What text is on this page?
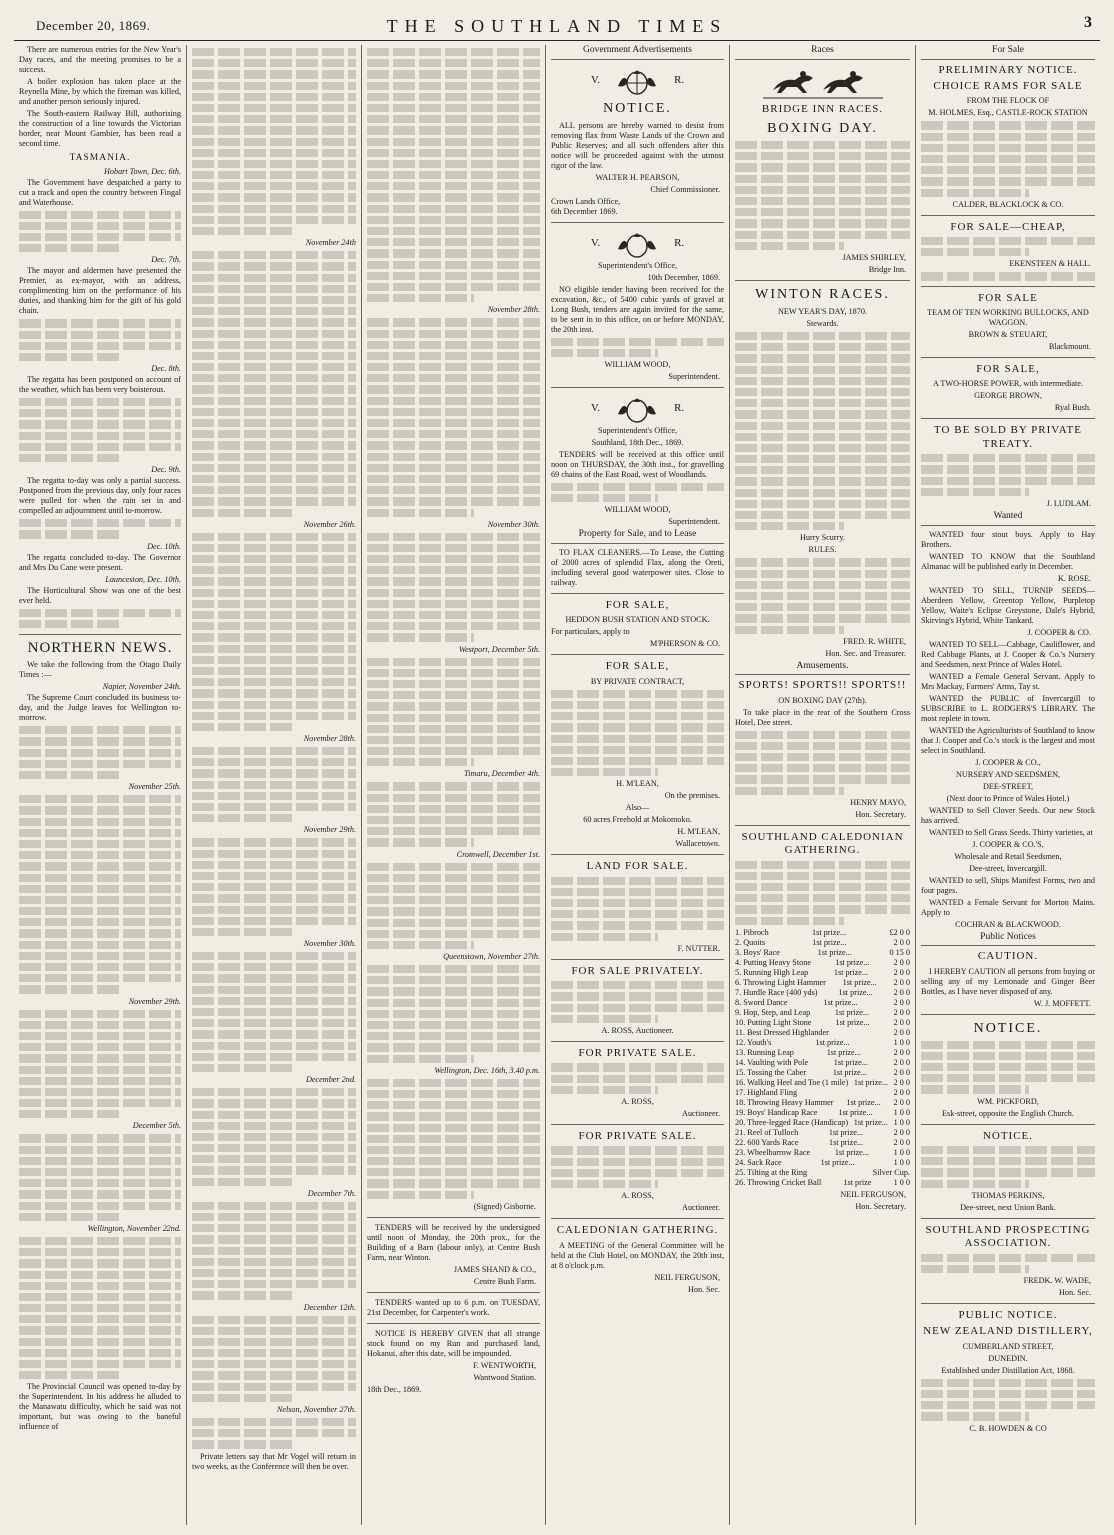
December 20, 1869.	THE SOUTHLAND TIMES	3

There are numerous entries for the New Year's Day races, and the meeting promises to be a success.

A boiler explosion has taken place at the Reynella Mine, by which the fireman was killed, and another person seriously injured.

The South-eastern Railway Bill, authorising the construction of a line towards the Victorian border, near Mount Gambier, has been read a second time.

TASMANIA.
Hobart Town, Dec. 6th.

The Government have despatched a party to cut a track and open the country between Fingal and Waterhouse.

Dec. 7th.

The mayor and aldermen have presented the Premier, as ex-mayor, with an address, complimenting him on the performance of his duties, and thanking him for the gift of his gold chain.

Dec. 8th.

The regatta has been postponed on account of the weather, which has been very boisterous.

Dec. 9th.

The regatta to-day was only a partial success. Postponed from the previous day, only four races were pulled for when the rain set in and compelled an adjournment until to-morrow.

Dec. 10th.

The regatta concluded to-day. The Governor and Mrs Du Cane were present.

Launceston, Dec. 10th.

The Horticultural Show was one of the best ever held.

NORTHERN NEWS.

We take the following from the Otago Daily Times :—

Napier, November 24th.

The Supreme Court concluded its business to-day, and the Judge leaves for Wellington to-morrow.

November 25th.
November 29th.
December 5th.
Wellington, November 22nd.

The Provincial Council was opened to-day by the Superintendent. In his address he alluded to the Manawatu difficulty, which he said was not important, but was owing to the baneful influence of

November 24th
November 26th.
November 28th.
November 29th.
November 30th.
December 2nd.
December 7th.
December 12th.
Nelson, November 27th.

Private letters say that Mr Vogel will return in two weeks, as the Conference will then be over.

November 28th.
November 30th.
Westport, December 5th.
Timaru, December 4th.
Cromwell, December 1st.
Queenstown, November 27th.
Wellington, Dec. 16th, 3.40 p.m.
(Signed) Gisborne.

TENDERS will be received by the undersigned until noon of Monday, the 20th prox., for the Building of a Barn (labour only), at Centre Bush Farm, near Winton.

JAMES SHAND & CO.,
Centre Bush Farm.

TENDERS wanted up to 6 p.m. on TUESDAY, 21st December, for Carpenter's work.

NOTICE IS HEREBY GIVEN that all strange stock found on my Run and purchased land, Hokanui, after this date, will be impounded.

F. WENTWORTH,
Wantwood Station.
18th Dec., 1869.
Government Advertisements
V.	R.
NOTICE.

ALL persons are hereby warned to desist from removing flax from Waste Lands of the Crown and Public Reserves; and all such offenders after this notice will be proceeded against with the utmost rigor of the law.

WALTER H. PEARSON,
Chief Commissioner.
Crown Lands Office,
6th December 1869.
V.	R.
Superintendent's Office,
10th December, 1869.

NO eligible tender having been received for the excavation, &c., of 5400 cubic yards of gravel at Long Bush, tenders are again invited for the same, to be sent in to this office, on or before MONDAY, the 20th inst.

WILLIAM WOOD,
Superintendent.
V.	R.
Superintendent's Office,
Southland, 18th Dec., 1869.

TENDERS will be received at this office until noon on THURSDAY, the 30th inst., for gravelling 69 chains of the East Road, west of Woodlands.

WILLIAM WOOD,
Superintendent.
Property for Sale, and to Lease

TO FLAX CLEANERS.—To Lease, the Cutting of 2000 acres of splendid Flax, along the Oreti, including several good waterpower sites. Close to railway.

FOR SALE,
HEDDON BUSH STATION AND STOCK.
For particulars, apply to
M'PHERSON & CO.
FOR SALE,
BY PRIVATE CONTRACT,
H. M'LEAN,
On the premises.
Also—
60 acres Freehold at Mokomoko.
H. M'LEAN,
Wallacetown.
LAND FOR SALE.
F. NUTTER.
FOR SALE PRIVATELY.
A. ROSS, Auctioneer.
FOR PRIVATE SALE.
A. ROSS,
Auctioneer.
FOR PRIVATE SALE.
A. ROSS,
Auctioneer.
CALEDONIAN GATHERING.

A MEETING of the General Committee will be held at the Club Hotel, on MONDAY, the 20th inst, at 8 o'clock p.m.

NEIL FERGUSON,
Hon. Sec.
Races
BRIDGE INN RACES.
BOXING DAY.
JAMES SHIRLEY,
Bridge Inn.
WINTON RACES.
NEW YEAR'S DAY, 1870.
Stewards.
Hurry Scurry.
RULES.
FRED. R. WHITE,
Hon. Sec. and Treasurer.
Amusements.
SPORTS! SPORTS!! SPORTS!!
ON BOXING DAY (27th).

To take place in the rear of the Southern Cross Hotel, Dee street.

HENRY MAYO,
Hon. Secretary.
SOUTHLAND CALEDONIAN GATHERING.
1. Pibroch	1st prize...	£2 0 0
2. Quoits	1st prize...	2 0 0
3. Boys' Race	1st prize...	0 15 0
4. Putting Heavy Stone	1st prize...	2 0 0
5. Running High Leap	1st prize...	2 0 0
6. Throwing Light Hammer 1st prize... 2 0 0
7. Hurdle Race (400 yds)	1st prize...	2 0 0
8. Sword Dance	1st prize...	2 0 0
9. Hop, Step, and Leap	1st prize...	2 0 0
10. Putting Light Stone	1st prize...	2 0 0
11. Best Dressed Highlander	2 0 0
12. Youth's	1st prize...	1 0 0
13. Running Leap	1st prize...	2 0 0
14. Vaulting with Pole	1st prize...	2 0 0
15. Tossing the Caber	1st prize...	2 0 0
16. Walking Heel and Toe (1 mile) 1st prize... 2 0 0
17. Highland Fling	2 0 0
18. Throwing Heavy Hammer 1st prize... 2 0 0
19. Boys' Handicap Race	1st prize...	1 0 0
20. Three-legged Race (Handicap) 1st prize... 1 0 0
21. Reel of Tulloch	1st prize...	2 0 0
22. 600 Yards Race	1st prize...	2 0 0
23. Wheelbarrow Race	1st prize...	1 0 0
24. Sack Race	1st prize...	1 0 0
25. Tilting at the Ring	Silver Cup.
26. Throwing Cricket Ball	1st prize	1 0 0
NEIL FERGUSON,
Hon. Secretary.
For Sale
PRELIMINARY NOTICE.
CHOICE RAMS FOR SALE
FROM THE FLOCK OF
M. HOLMES, Esq., CASTLE-ROCK STATION
CALDER, BLACKLOCK & CO.
FOR SALE—CHEAP,
EKENSTEEN & HALL.
FOR SALE
TEAM OF TEN WORKING BULLOCKS, AND WAGGON.
BROWN & STEUART,
Blackmount.
FOR SALE,
A TWO-HORSE POWER, with intermediate.
GEORGE BROWN,
Ryal Bush.
TO BE SOLD BY PRIVATE TREATY.
J. LUDLAM.
Wanted

WANTED four stout boys. Apply to Hay Brothers.

WANTED TO KNOW that the Southland Almanac will be published early in December.

K. ROSE.

WANTED TO SELL, TURNIP SEEDS—Aberdeen Yellow, Greentop Yellow, Purpletop Yellow, Waite's Eclipse Greystone, Dale's Hybrid, Skirving's Hybrid, White Tankard.

J. COOPER & CO.

WANTED TO SELL—Cabbage, Cauliflower, and Red Cabbage Plants, at J. Cooper & Co.'s Nursery and Seedsmen, next Prince of Wales Hotel.

WANTED a Female General Servant. Apply to Mrs Mackay, Farmers' Arms, Tay st.

WANTED the PUBLIC of Invercargill to SUBSCRIBE to L. RODGERS'S LIBRARY. The most replete in town.

WANTED the Agriculturists of Southland to know that J. Cooper and Co.'s stock is the largest and most select in Southland.

J. COOPER & CO.,
NURSERY AND SEEDSMEN,
DEE-STREET,
(Next door to Prince of Wales Hotel.)

WANTED to Sell Clover Seeds. Our new Stock has arrived.

WANTED to Sell Grass Seeds. Thirty varieties, at

J. COOPER & CO.'S,
Wholesale and Retail Seedsmen,
Dee-street, Invercargill.

WANTED to sell, Ships Manifest Forms, two and four pages.

WANTED a Female Servant for Morton Mains. Apply to

COCHRAN & BLACKWOOD.
Public Notices
CAUTION.

I HEREBY CAUTION all persons from buying or selling any of my Lemonade and Ginger Beer Bottles, as I have never disposed of any.

W. J. MOFFETT.
NOTICE.
WM. PICKFORD,
Esk-street, opposite the English Church.
NOTICE.
THOMAS PERKINS,
Dee-street, next Union Bank.
SOUTHLAND PROSPECTING ASSOCIATION.
FREDK. W. WADE,
Hon. Sec.
PUBLIC NOTICE.
NEW ZEALAND DISTILLERY,
CUMBERLAND STREET,
DUNEDIN.
Established under Distillation Act, 1868.
C. B. HOWDEN & CO
